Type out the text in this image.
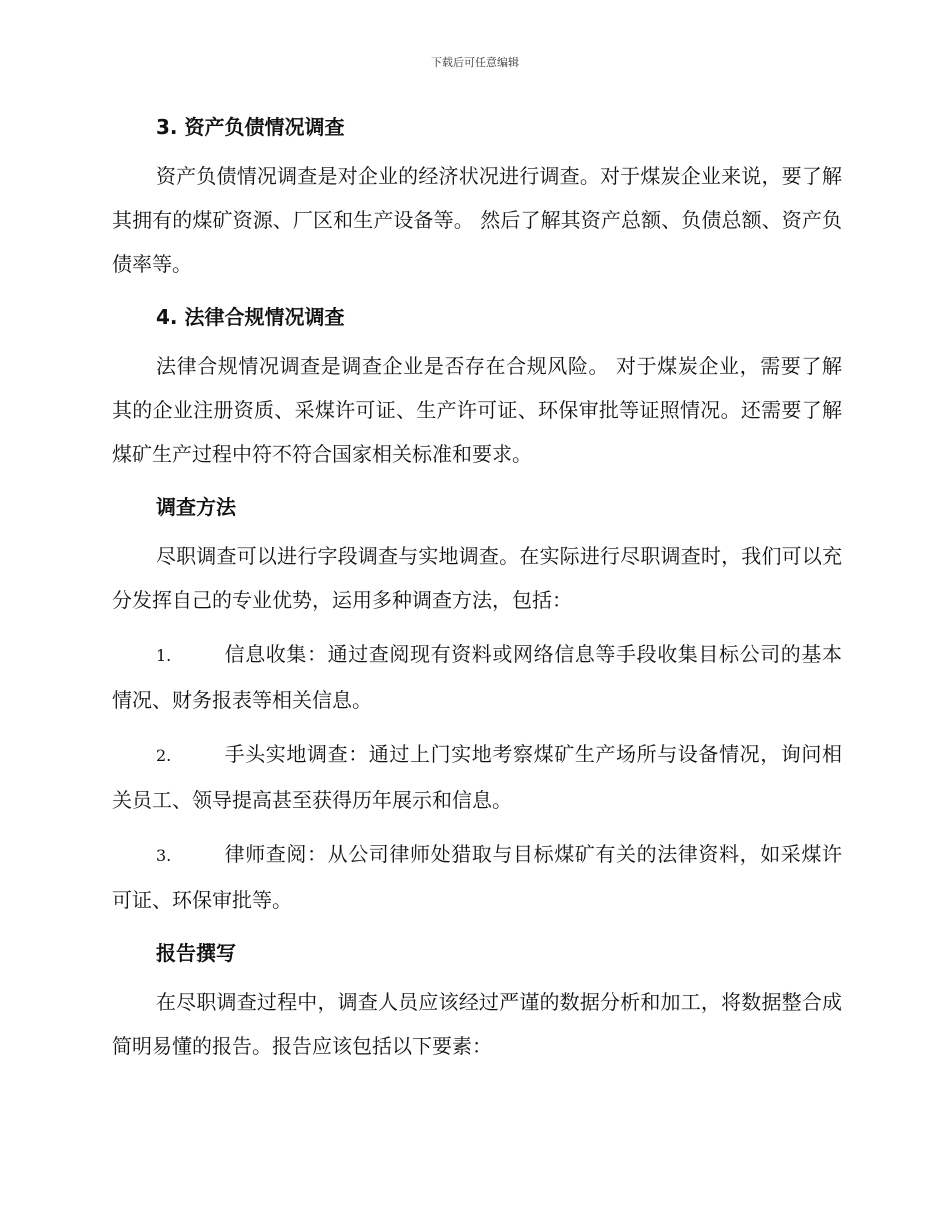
下载后可任意编辑
3. 资产负债情况调查

资产负债情况调查是对企业的经济状况进行调查。对于煤炭企业来说，要了解其拥有的煤矿资源、厂区和生产设备等。 然后了解其资产总额、负债总额、资产负债率等。

4. 法律合规情况调查

法律合规情况调查是调查企业是否存在合规风险。 对于煤炭企业，需要了解其的企业注册资质、采煤许可证、生产许可证、环保审批等证照情况。还需要了解煤矿生产过程中符不符合国家相关标准和要求。

调查方法

尽职调查可以进行字段调查与实地调查。在实际进行尽职调查时，我们可以充分发挥自己的专业优势，运用多种调查方法，包括：

1.	信息收集：通过查阅现有资料或网络信息等手段收集目标公司的基本情况、财务报表等相关信息。

2.	手头实地调查：通过上门实地考察煤矿生产场所与设备情况，询问相关员工、领导提高甚至获得历年展示和信息。

3.	律师查阅：从公司律师处猎取与目标煤矿有关的法律资料，如采煤许可证、环保审批等。

报告撰写

在尽职调查过程中，调查人员应该经过严谨的数据分析和加工，将数据整合成简明易懂的报告。报告应该包括以下要素：
